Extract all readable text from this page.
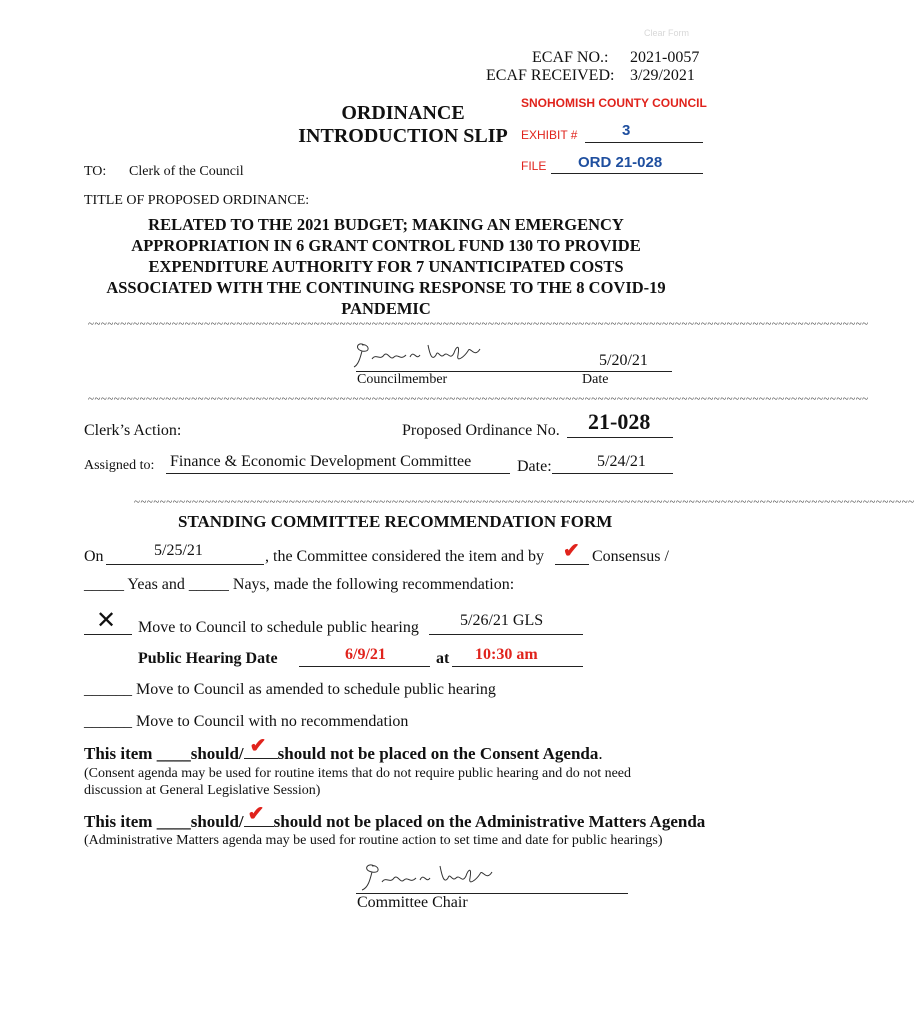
Clear Form
ECAF NO.: 2021-0057
ECAF RECEIVED: 3/29/2021
ORDINANCE
INTRODUCTION SLIP
SNOHOMISH COUNTY COUNCIL
EXHIBIT #	3
FILE ORD 21-028
TO: Clerk of the Council
TITLE OF PROPOSED ORDINANCE:
RELATED TO THE 2021 BUDGET; MAKING AN EMERGENCY
APPROPRIATION IN 6 GRANT CONTROL FUND 130 TO PROVIDE
EXPENDITURE AUTHORITY FOR 7 UNANTICIPATED COSTS
ASSOCIATED WITH THE CONTINUING RESPONSE TO THE 8 COVID-19
PANDEMIC
~~~~~~~~~~~~~~~~~~~~~~~~~~~~~~~~~~~~~~~~~~~~~~~~~~~~~~~~~~~~~~~~~~~~~~~~~~~~~~~~~~~~~~~~~~~~~~~~~~~~~~~~~~~~~~~~~~~~~~~~~
5/20/21
Councilmember	Date
~~~~~~~~~~~~~~~~~~~~~~~~~~~~~~~~~~~~~~~~~~~~~~~~~~~~~~~~~~~~~~~~~~~~~~~~~~~~~~~~~~~~~~~~~~~~~~~~~~~~~~~~~~~~~~~~~~~~~~~~~
Clerk’s Action:	Proposed Ordinance No. 21-028
Assigned to: Finance & Economic Development Committee	Date:	5/24/21
~~~~~~~~~~~~~~~~~~~~~~~~~~~~~~~~~~~~~~~~~~~~~~~~~~~~~~~~~~~~~~~~~~~~~~~~~~~~~~~~~~~~~~~~~~~~~~~~~~~~~~~~~~~~~~~~~~~~~~~~~
STANDING COMMITTEE RECOMMENDATION FORM
On	5/25/21	, the Committee considered the item and by ✔ Consensus /
_____ Yeas and _____ Nays, made the following recommendation:
✕ Move to Council to schedule public hearing	5/26/21 GLS
Public Hearing Date	6/9/21	at 10:30 am
______ Move to Council as amended to schedule public hearing
______ Move to Council with no recommendation
This item ____should/ ✔ should not be placed on the Consent Agenda.
(Consent agenda may be used for routine items that do not require public hearing and do not need
discussion at General Legislative Session)
This item ____should/ ✔ should not be placed on the Administrative Matters Agenda
(Administrative Matters agenda may be used for routine action to set time and date for public hearings)
Committee Chair
